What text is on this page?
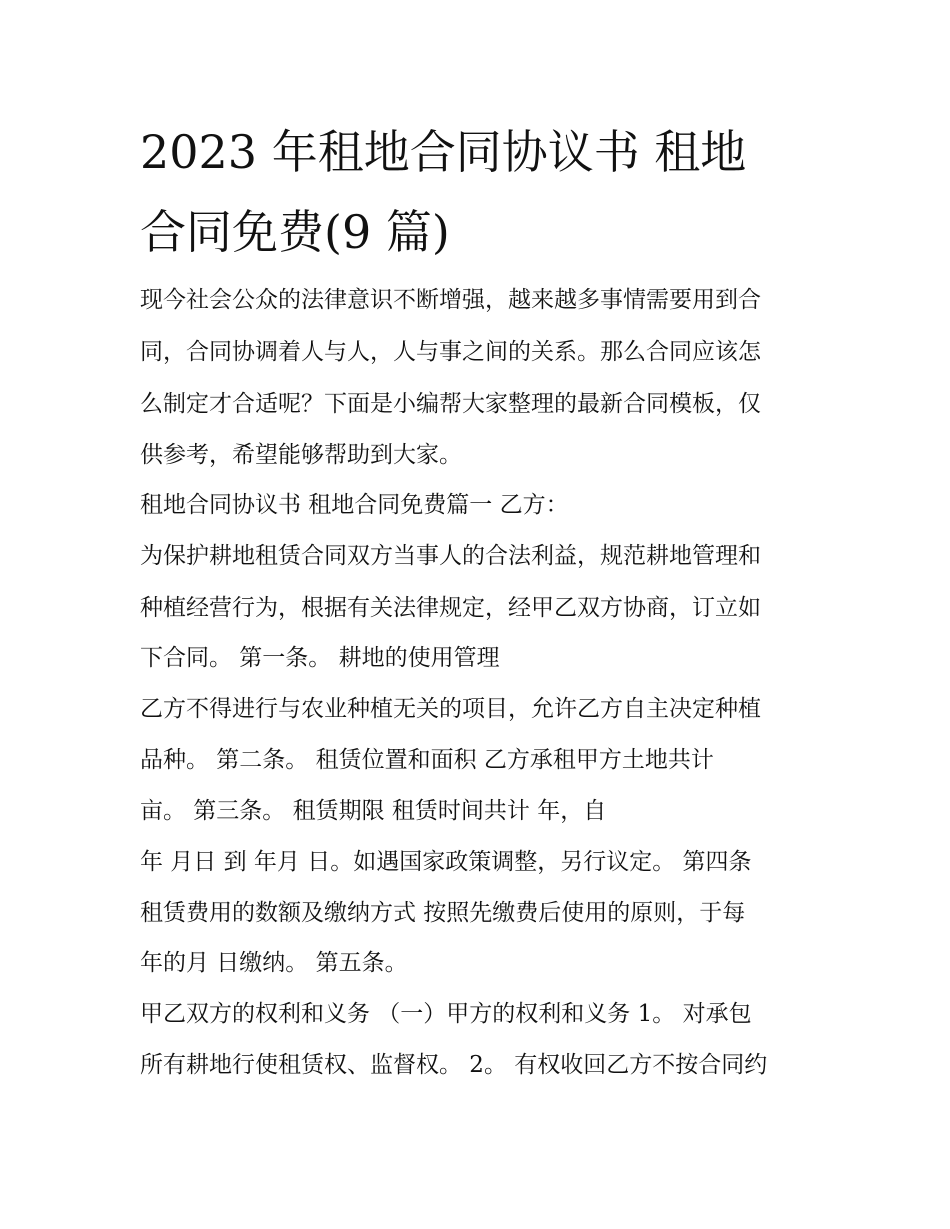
2023 年租地合同协议书 租地
合同免费(9 篇)

现今社会公众的法律意识不断增强，越来越多事情需要用到合

同，合同协调着人与人，人与事之间的关系。那么合同应该怎

么制定才合适呢？下面是小编帮大家整理的最新合同模板，仅

供参考，希望能够帮助到大家。

租地合同协议书 租地合同免费篇一 乙方：

为保护耕地租赁合同双方当事人的合法利益，规范耕地管理和

种植经营行为，根据有关法律规定，经甲乙双方协商，订立如

下合同。 第一条。 耕地的使用管理

乙方不得进行与农业种植无关的项目，允许乙方自主决定种植

品种。 第二条。 租赁位置和面积 乙方承租甲方土地共计

亩。 第三条。 租赁期限 租赁时间共计 年，自

年 月日 到 年月 日。如遇国家政策调整，另行议定。 第四条

租赁费用的数额及缴纳方式 按照先缴费后使用的原则，于每

年的月 日缴纳。 第五条。

甲乙双方的权利和义务 （一）甲方的权利和义务 1。 对承包

所有耕地行使租赁权、监督权。 2。 有权收回乙方不按合同约
